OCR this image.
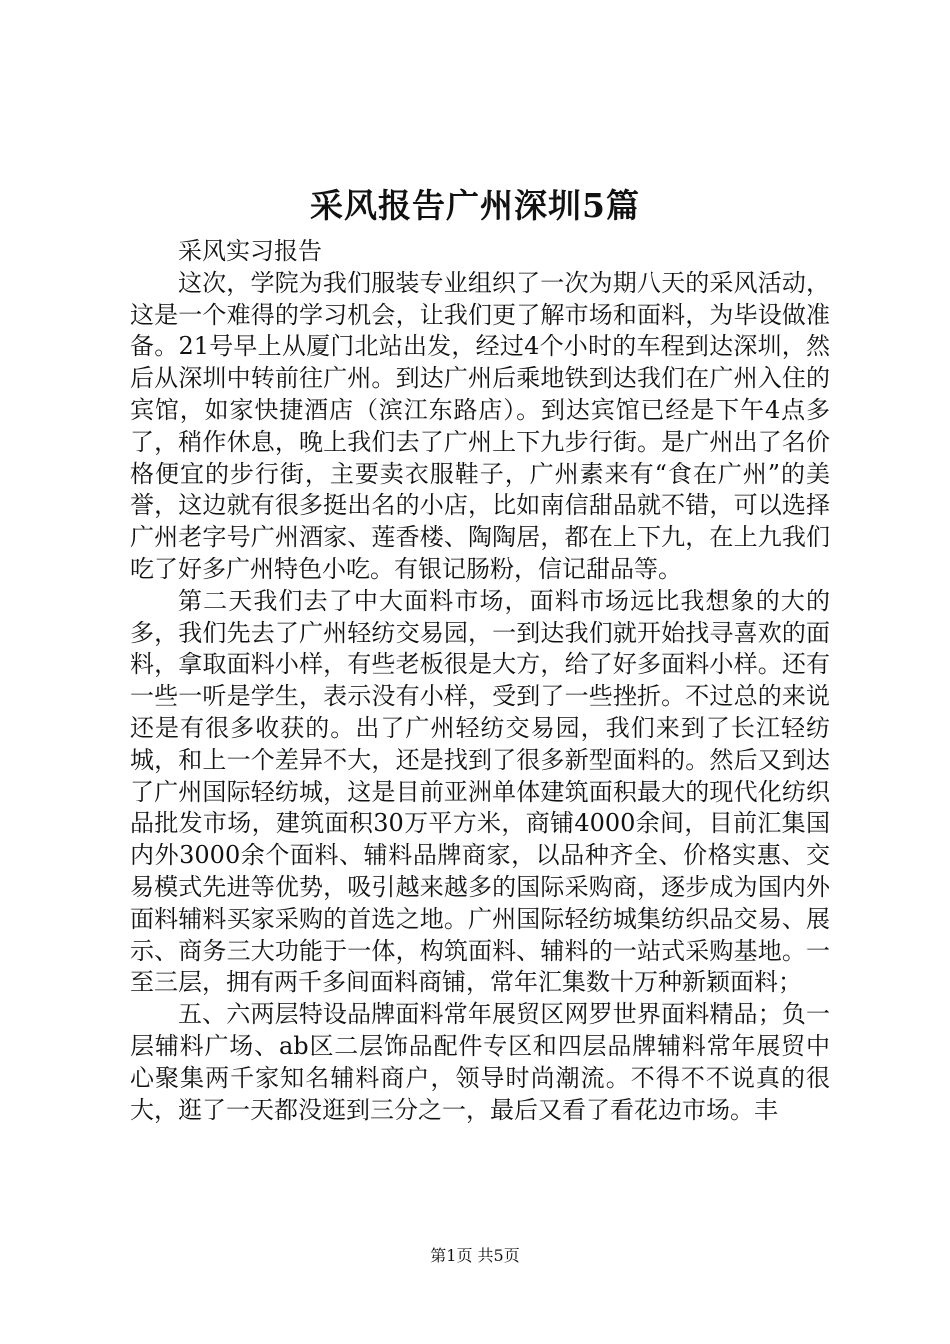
采风报告广州深圳5篇

采风实习报告

这次，学院为我们服装专业组织了一次为期八天的采风活动，这是一个难得的学习机会，让我们更了解市场和面料，为毕设做准备。21号早上从厦门北站出发，经过4个小时的车程到达深圳，然后从深圳中转前往广州。到达广州后乘地铁到达我们在广州入住的宾馆，如家快捷酒店（滨江东路店）。到达宾馆已经是下午4点多了，稍作休息，晚上我们去了广州上下九步行街。是广州出了名价格便宜的步行街，主要卖衣服鞋子，广州素来有“食在广州”的美誉，这边就有很多挺出名的小店，比如南信甜品就不错，可以选择广州老字号广州酒家、莲香楼、陶陶居，都在上下九，在上九我们吃了好多广州特色小吃。有银记肠粉，信记甜品等。

第二天我们去了中大面料市场，面料市场远比我想象的大的多，我们先去了广州轻纺交易园，一到达我们就开始找寻喜欢的面料，拿取面料小样，有些老板很是大方，给了好多面料小样。还有一些一听是学生，表示没有小样，受到了一些挫折。不过总的来说还是有很多收获的。出了广州轻纺交易园，我们来到了长江轻纺城，和上一个差异不大，还是找到了很多新型面料的。然后又到达了广州国际轻纺城，这是目前亚洲单体建筑面积最大的现代化纺织品批发市场，建筑面积30万平方米，商铺4000余间，目前汇集国内外3000余个面料、辅料品牌商家，以品种齐全、价格实惠、交易模式先进等优势，吸引越来越多的国际采购商，逐步成为国内外面料辅料买家采购的首选之地。广州国际轻纺城集纺织品交易、展示、商务三大功能于一体，构筑面料、辅料的一站式采购基地。一至三层，拥有两千多间面料商铺，常年汇集数十万种新颖面料；

五、六两层特设品牌面料常年展贸区网罗世界面料精品；负一层辅料广场、ab区二层饰品配件专区和四层品牌辅料常年展贸中心聚集两千家知名辅料商户，领导时尚潮流。不得不不说真的很大，逛了一天都没逛到三分之一，最后又看了看花边市场。丰

第1页 共5页
